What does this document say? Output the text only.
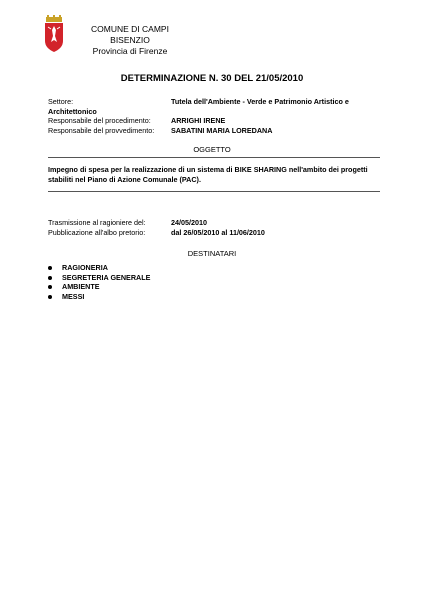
COMUNE DI CAMPI BISENZIO
Provincia di Firenze
DETERMINAZIONE N. 30 DEL 21/05/2010
Settore:	Tutela dell'Ambiente - Verde e Patrimonio Artistico e
Architettonico
Responsabile del procedimento:	ARRIGHI IRENE
Responsabile del provvedimento: SABATINI MARIA LOREDANA
OGGETTO
Impegno di spesa per la realizzazione di un sistema di BIKE SHARING nell'ambito dei progetti stabiliti nel Piano di Azione Comunale (PAC).
Trasmissione al ragioniere del:	24/05/2010
Pubblicazione all'albo pretorio:	dal 26/05/2010 al 11/06/2010
DESTINATARI
RAGIONERIA
SEGRETERIA GENERALE
AMBIENTE
MESSI
